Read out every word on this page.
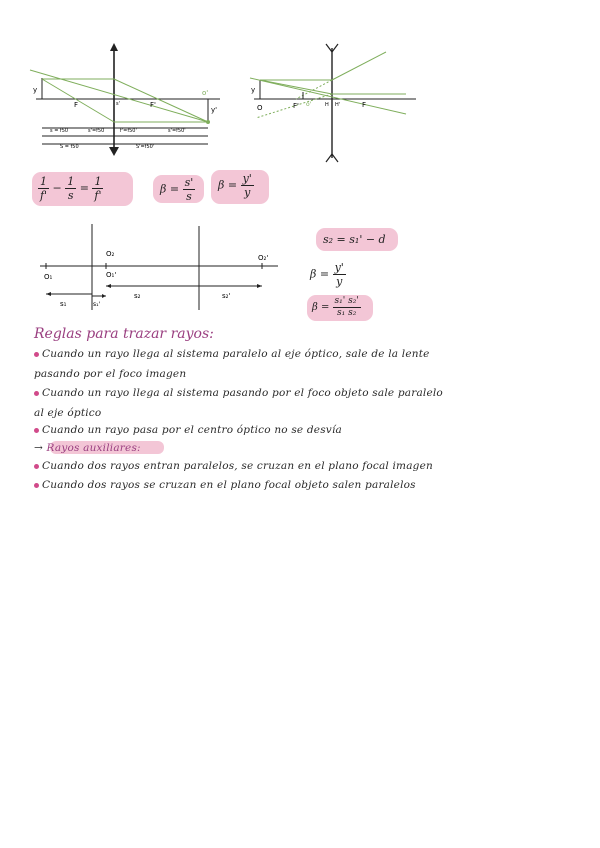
y
F	s'	F'
y'
o'
s = f50	s'=f50	f'=f50'	s'=f50'
S = f50	S'=f50'
O
y
F' o'	H H'	F
$\frac{1}{f'} - \frac{1}{s} = \frac{1}{f'}$	$\beta = \frac{s'}{s}$ $\beta = \frac{y'}{y}$
O₂
O₁	O₁'
O₂'
s₁	s₁'
s₂	s₂'
s₂ = s₁' − d
$\beta = \frac{y'}{y}$
$\beta = \frac{\text{s₁' s₂'}}{\text{s₁ s₂}}$
Reglas para trazar rayos:
Cuando un rayo llega al sistema paralelo al eje óptico, sale de la lente
pasando por el foco imagen
Cuando un rayo llega al sistema pasando por el foco objeto sale paralelo
al eje óptico
Cuando un rayo pasa por el centro óptico no se desvía
→ Rayos auxiliares:
Cuando dos rayos entran paralelos, se cruzan en el plano focal imagen
Cuando dos rayos se cruzan en el plano focal objeto salen paralelos
